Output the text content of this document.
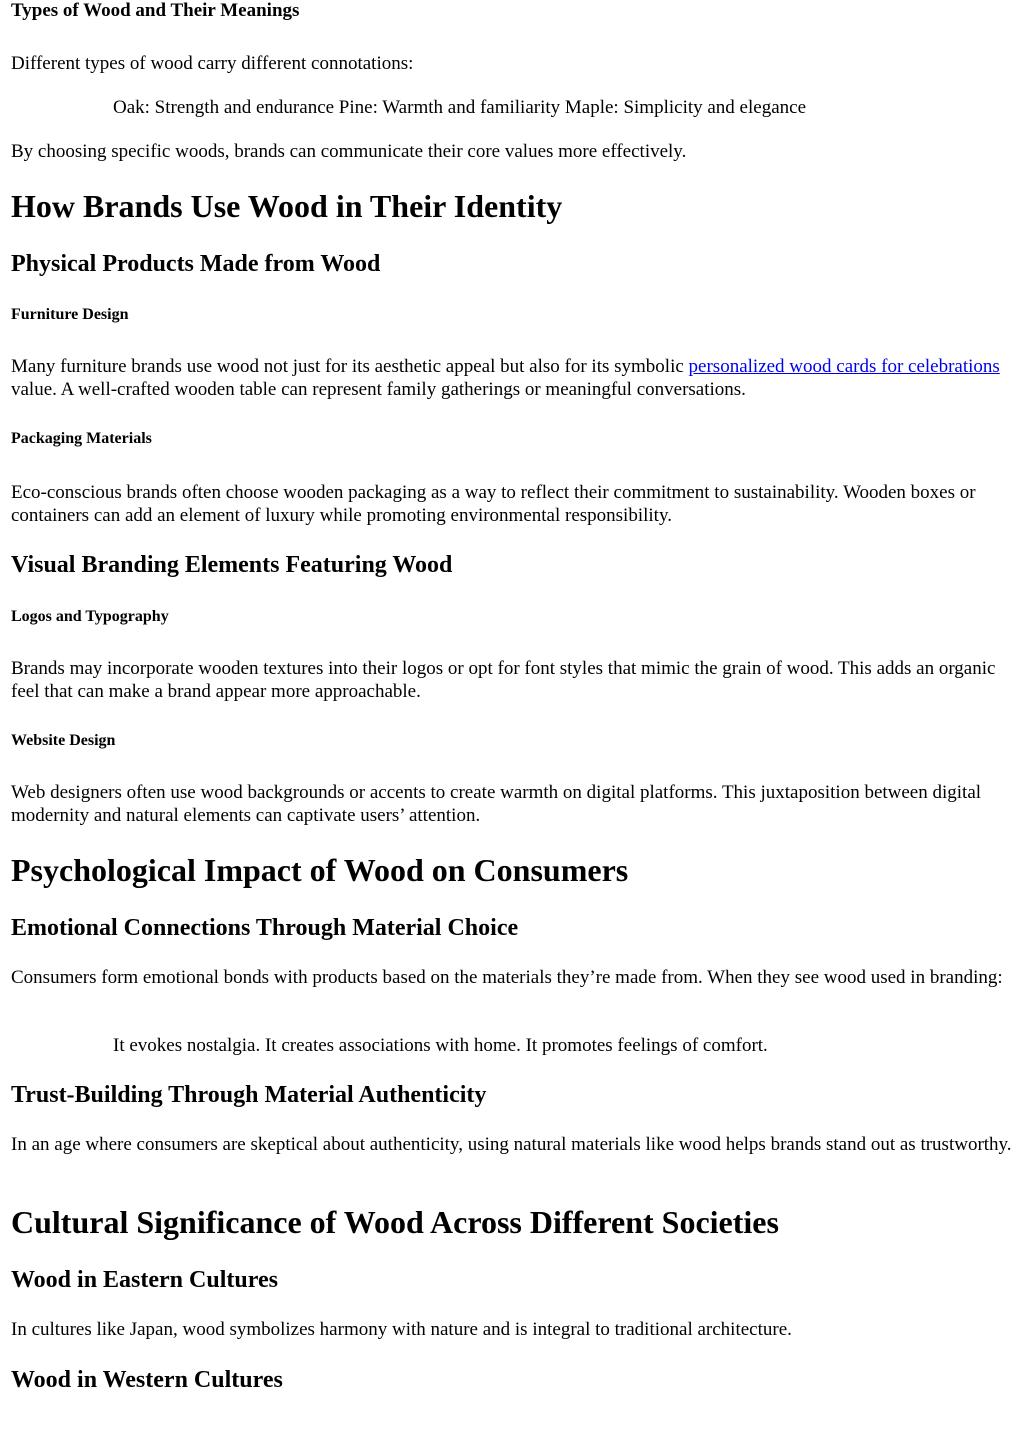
Types of Wood and Their Meanings

Different types of wood carry different connotations:

Oak: Strength and endurance Pine: Warmth and familiarity Maple: Simplicity and elegance

By choosing specific woods, brands can communicate their core values more effectively.

How Brands Use Wood in Their Identity
Physical Products Made from Wood
Furniture Design

Many furniture brands use wood not just for its aesthetic appeal but also for its symbolic personalized wood cards for celebrations value. A well-crafted wooden table can represent family gatherings or meaningful conversations.

Packaging Materials

Eco-conscious brands often choose wooden packaging as a way to reflect their commitment to sustainability. Wooden boxes or containers can add an element of luxury while promoting environmental responsibility.

Visual Branding Elements Featuring Wood
Logos and Typography

Brands may incorporate wooden textures into their logos or opt for font styles that mimic the grain of wood. This adds an organic feel that can make a brand appear more approachable.

Website Design

Web designers often use wood backgrounds or accents to create warmth on digital platforms. This juxtaposition between digital modernity and natural elements can captivate users’ attention.

Psychological Impact of Wood on Consumers
Emotional Connections Through Material Choice

Consumers form emotional bonds with products based on the materials they’re made from. When they see wood used in branding:

It evokes nostalgia. It creates associations with home. It promotes feelings of comfort.
Trust-Building Through Material Authenticity

In an age where consumers are skeptical about authenticity, using natural materials like wood helps brands stand out as trustworthy.

Cultural Significance of Wood Across Different Societies
Wood in Eastern Cultures

In cultures like Japan, wood symbolizes harmony with nature and is integral to traditional architecture.

Wood in Western Cultures
